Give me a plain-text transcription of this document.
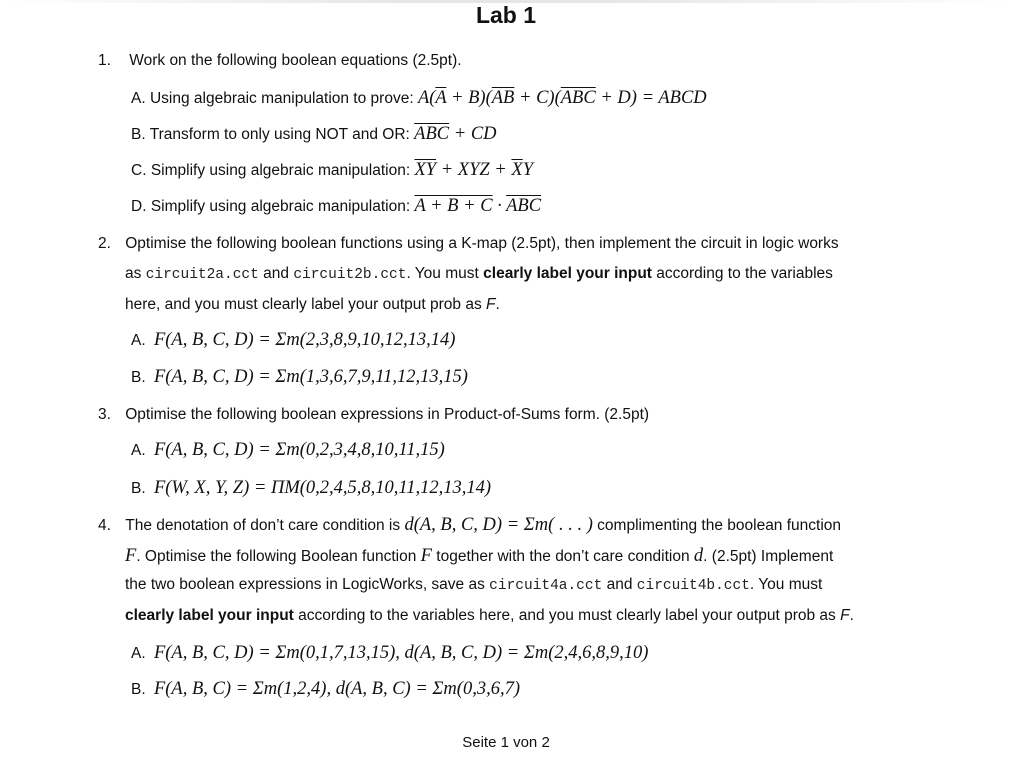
Lab 1
1. Work on the following boolean equations (2.5pt).
A. Using algebraic manipulation to prove: $A(\overline{A} + B)(\overline{AB} + C)(\overline{ABC} + D)$ = ABCD
B. Transform to only using NOT and OR: $\overline{ABC}$ + CD
C. Simplify using algebraic manipulation: $\overline{XY}$ + XYZ + $\overline{X}Y$
D. Simplify using algebraic manipulation: $A + B + C \cdot \overline{ABC}$
2. Optimise the following boolean functions using a K-map (2.5pt), then implement the circuit in logic works
as circuit2a.cct and circuit2b.cct. You must clearly label your input according to the variables
here, and you must clearly label your output prob as F.
A. F(A, B, C, D) = Σm(2,3,8,9,10,12,13,14)
B. F(A, B, C, D) = Σm(1,3,6,7,9,11,12,13,15)
3. Optimise the following boolean expressions in Product-of-Sums form. (2.5pt)
A. F(A, B, C, D) = Σm(0,2,3,4,8,10,11,15)
B. F(W, X, Y, Z) = ΠM(0,2,4,5,8,10,11,12,13,14)
4. The denotation of don’t care condition is d(A, B, C, D) = Σm( . . . ) complimenting the boolean function
F. Optimise the following Boolean function F together with the don’t care condition d. (2.5pt) Implement
the two boolean expressions in LogicWorks, save as circuit4a.cct and circuit4b.cct. You must
clearly label your input according to the variables here, and you must clearly label your output prob as F.
A. F(A, B, C, D) = Σm(0,1,7,13,15), d(A, B, C, D) = Σm(2,4,6,8,9,10)
B. F(A, B, C) = Σm(1,2,4), d(A, B, C) = Σm(0,3,6,7)
Seite 1 von 2
